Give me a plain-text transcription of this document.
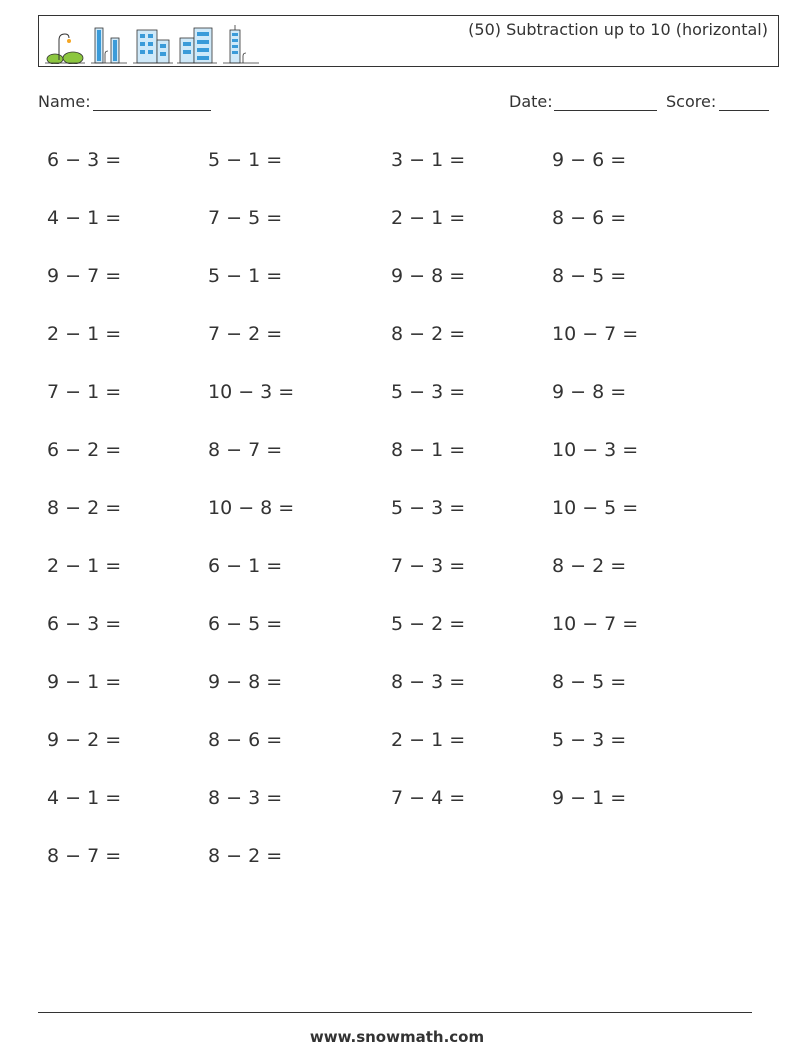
(50) Subtraction up to 10 (horizontal)
Name:	Date:	Score:
6 − 3 =	5 − 1 =	3 − 1 =	9 − 6 =
4 − 1 =	7 − 5 =	2 − 1 =	8 − 6 =
9 − 7 =	5 − 1 =	9 − 8 =	8 − 5 =
2 − 1 =	7 − 2 =	8 − 2 =	10 − 7 =
7 − 1 =	10 − 3 =	5 − 3 =	9 − 8 =
6 − 2 =	8 − 7 =	8 − 1 =	10 − 3 =
8 − 2 =	10 − 8 =	5 − 3 =	10 − 5 =
2 − 1 =	6 − 1 =	7 − 3 =	8 − 2 =
6 − 3 =	6 − 5 =	5 − 2 =	10 − 7 =
9 − 1 =	9 − 8 =	8 − 3 =	8 − 5 =
9 − 2 =	8 − 6 =	2 − 1 =	5 − 3 =
4 − 1 =	8 − 3 =	7 − 4 =	9 − 1 =
8 − 7 =	8 − 2 =
www.snowmath.com
